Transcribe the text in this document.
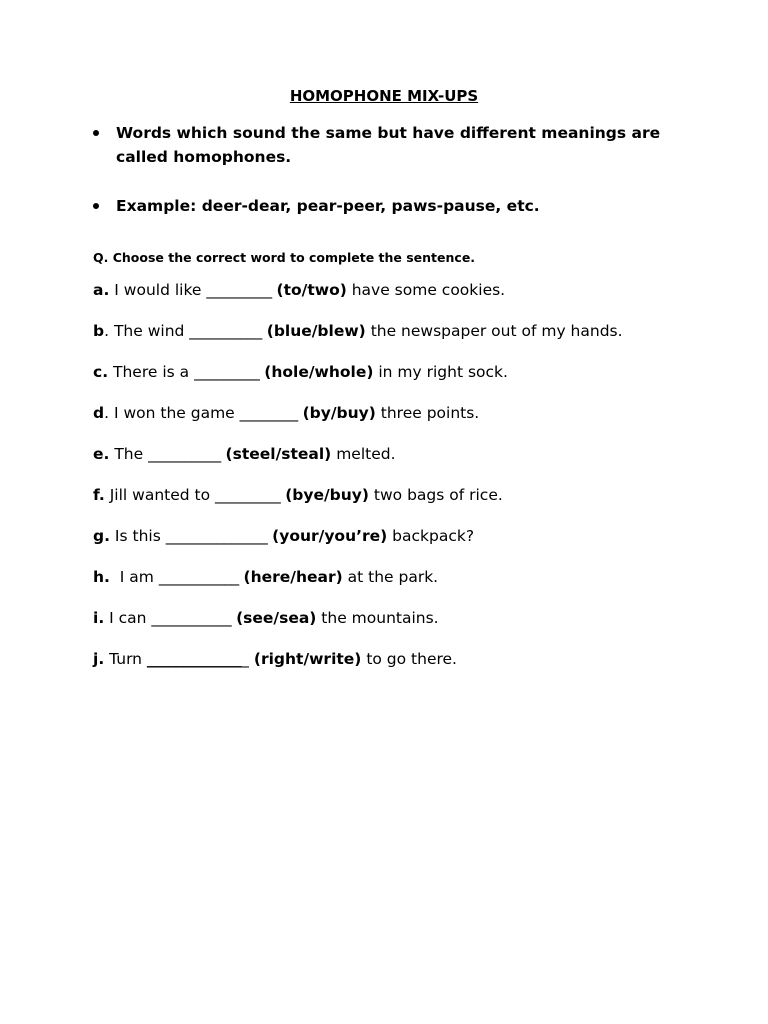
HOMOPHONE MIX-UPS
Words which sound the same but have different meanings are called homophones.
Example: deer-dear, pear-peer, paws-pause, etc.
Q. Choose the correct word to complete the sentence.
a. I would like _________ (to/two) have some cookies.
b. The wind __________ (blue/blew) the newspaper out of my hands.
c. There is a _________ (hole/whole) in my right sock.
d. I won the game ________ (by/buy) three points.
e. The __________ (steel/steal) melted.
f. Jill wanted to _________ (bye/buy) two bags of rice.
g. Is this ______________ (your/you’re) backpack?
h.  I am ___________ (here/hear) at the park.
i. I can ___________ (see/sea) the mountains.
j. Turn ______________ (right/write) to go there.
